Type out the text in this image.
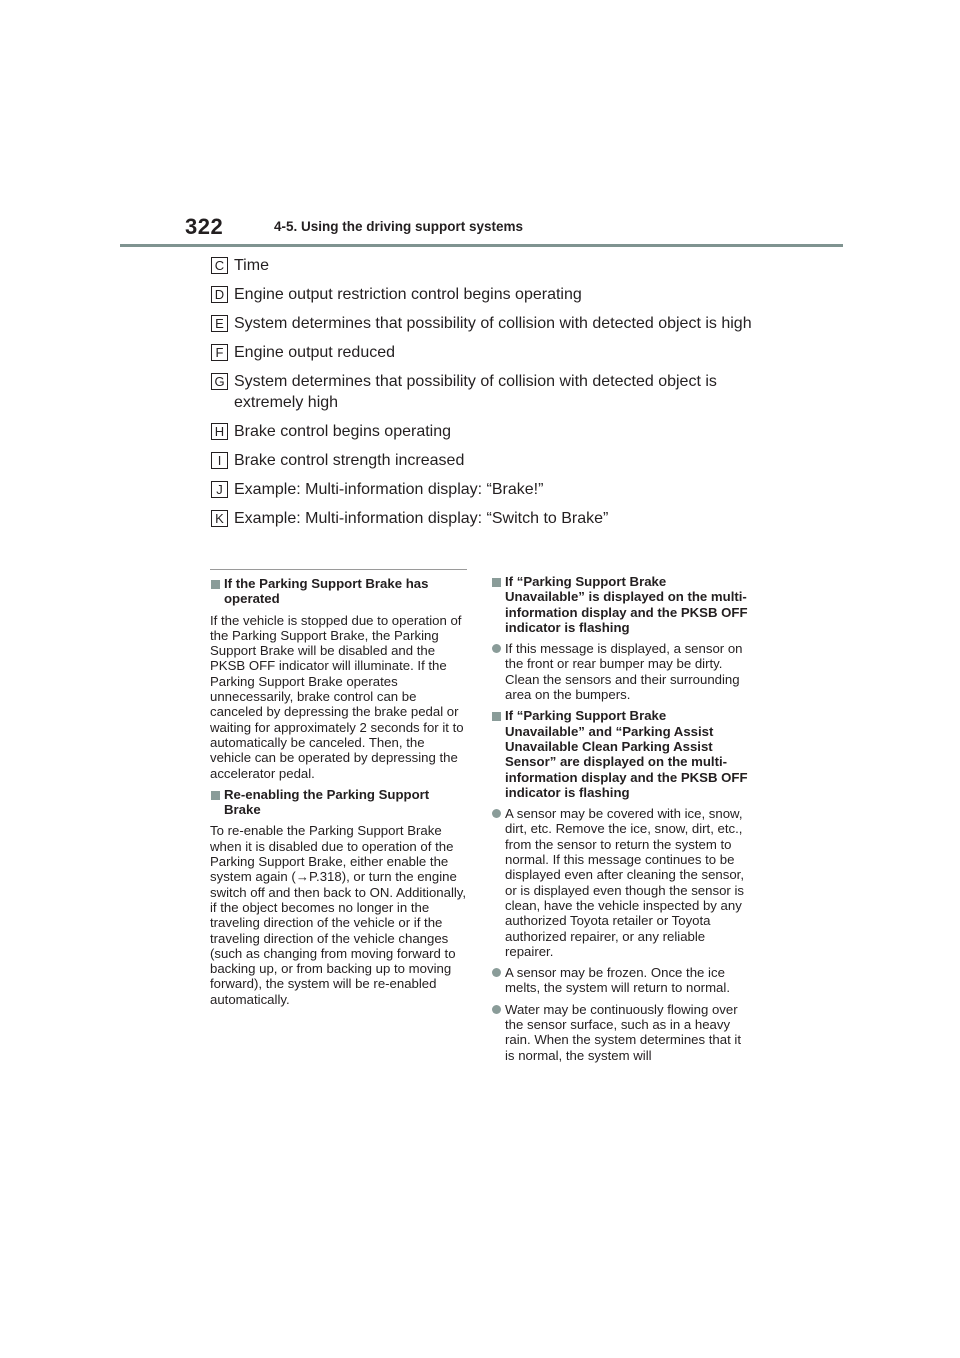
322	4-5. Using the driving support systems
C Time
D Engine output restriction control begins operating
E System determines that possibility of collision with detected object is high
F Engine output reduced
G System determines that possibility of collision with detected object is extremely high
H Brake control begins operating
I Brake control strength increased
J Example: Multi-information display: “Brake!”
K Example: Multi-information display: “Switch to Brake”
If the Parking Support Brake has operated

If the vehicle is stopped due to operation of the Parking Support Brake, the Parking Support Brake will be disabled and the PKSB OFF indicator will illuminate. If the Parking Support Brake operates unnecessarily, brake control can be canceled by depressing the brake pedal or waiting for approximately 2 seconds for it to automatically be canceled. Then, the vehicle can be operated by depressing the accelerator pedal.

Re-enabling the Parking Support Brake

To re-enable the Parking Support Brake when it is disabled due to operation of the Parking Support Brake, either enable the system again (→P.318), or turn the engine switch off and then back to ON. Additionally, if the object becomes no longer in the traveling direction of the vehicle or if the traveling direction of the vehicle changes (such as changing from moving forward to backing up, or from backing up to moving forward), the system will be re-enabled automatically.

If “Parking Support Brake Unavailable” is displayed on the multi-information display and the PKSB OFF indicator is flashing
If this message is displayed, a sensor on the front or rear bumper may be dirty. Clean the sensors and their surrounding area on the bumpers.
If “Parking Support Brake Unavailable” and “Parking Assist Unavailable Clean Parking Assist Sensor” are displayed on the multi-information display and the PKSB OFF indicator is flashing
A sensor may be covered with ice, snow, dirt, etc. Remove the ice, snow, dirt, etc., from the sensor to return the system to normal. If this message continues to be displayed even after cleaning the sensor, or is displayed even though the sensor is clean, have the vehicle inspected by any authorized Toyota retailer or Toyota authorized repairer, or any reliable repairer.
A sensor may be frozen. Once the ice melts, the system will return to normal.
Water may be continuously flowing over the sensor surface, such as in a heavy rain. When the system determines that it is normal, the system will
